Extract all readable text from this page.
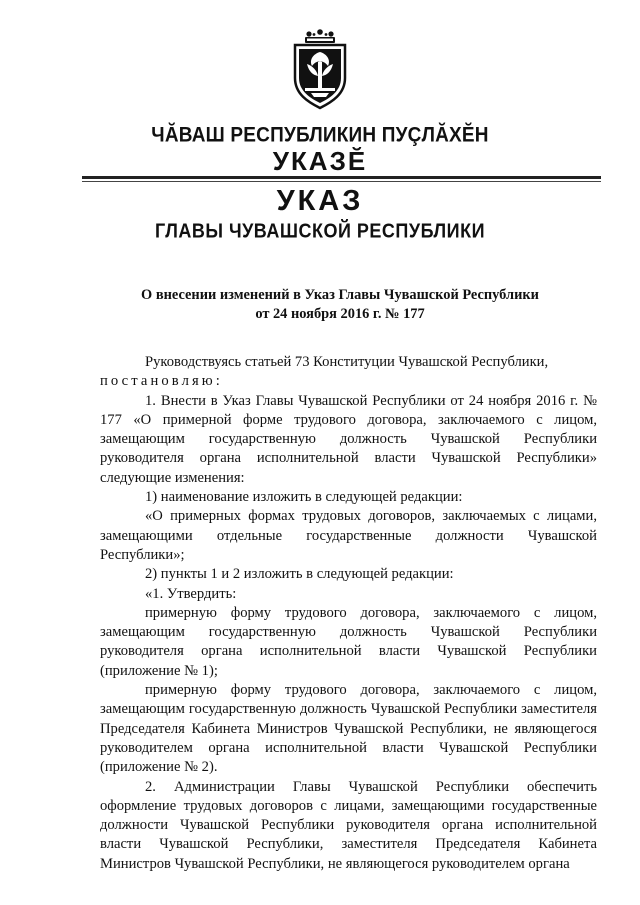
ЧĂВАШ РЕСПУБЛИКИН ПУÇЛĂХĔН
УКАЗĔ
УКАЗ
ГЛАВЫ ЧУВАШСКОЙ РЕСПУБЛИКИ
О внесении изменений в Указ Главы Чувашской Республики
от 24 ноября 2016 г. № 177

Руководствуясь статьей 73 Конституции Чувашской Республики,

постановляю:

1. Внести в Указ Главы Чувашской Республики от 24 ноября 2016 г. № 177 «О примерной форме трудового договора, заключаемого с лицом, замещающим государственную должность Чувашской Республики руководителя органа исполнительной власти Чувашской Республики» следующие изменения:

1) наименование изложить в следующей редакции:

«О примерных формах трудовых договоров, заключаемых с лицами, замещающими отдельные государственные должности Чувашской Республики»;

2) пункты 1 и 2 изложить в следующей редакции:

«1. Утвердить:

примерную форму трудового договора, заключаемого с лицом, замещающим государственную должность Чувашской Республики руководителя органа исполнительной власти Чувашской Республики (приложение № 1);

примерную форму трудового договора, заключаемого с лицом, замещающим государственную должность Чувашской Республики заместителя Председателя Кабинета Министров Чувашской Республики, не являющегося руководителем органа исполнительной власти Чувашской Республики (приложение № 2).

2. Администрации Главы Чувашской Республики обеспечить оформление трудовых договоров с лицами, замещающими государственные должности Чувашской Республики руководителя органа исполнительной власти Чувашской Республики, заместителя Председателя Кабинета Министров Чувашской Республики, не являющегося руководителем органа
